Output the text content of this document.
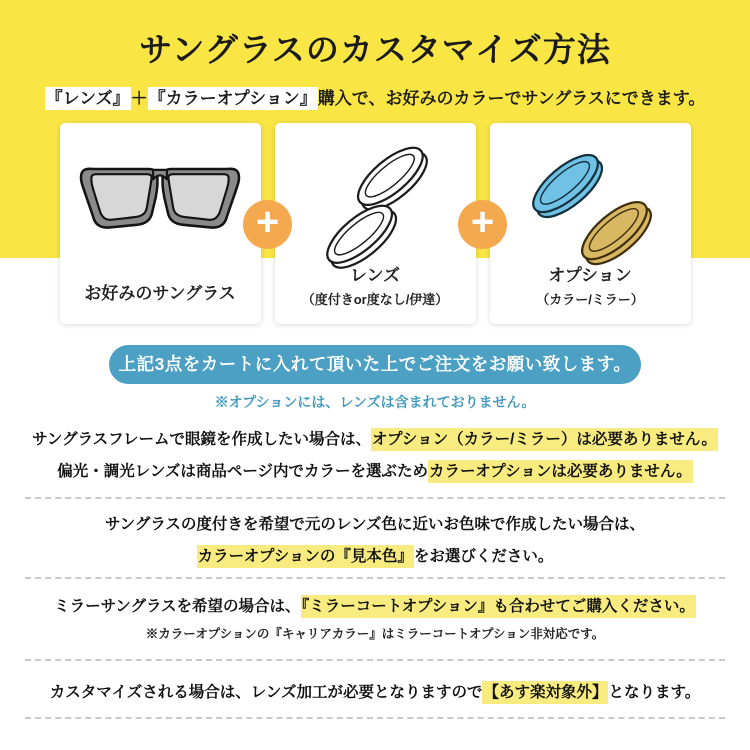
サングラスのカスタマイズ方法

『レンズ』＋『カラーオプション』購入で、お好みのカラーでサングラスにできます。

お好みのサングラス
レンズ
（度付きor度なし/伊達）
オプション
（カラー/ミラー）
+	+
上記3点をカートに入れて頂いた上でご注文をお願い致します。
※オプションには、レンズは含まれておりません。
サングラスフレームで眼鏡を作成したい場合は、オプション（カラー/ミラー）は必要ありません。
偏光・調光レンズは商品ページ内でカラーを選ぶためカラーオプションは必要ありません。
サングラスの度付きを希望で元のレンズ色に近いお色味で作成したい場合は、
カラーオプションの『見本色』をお選びください。
ミラーサングラスを希望の場合は、『ミラーコートオプション』も合わせてご購入ください。
※カラーオプションの『キャリアカラー』はミラーコートオプション非対応です。
カスタマイズされる場合は、レンズ加工が必要となりますので【あす楽対象外】となります。
